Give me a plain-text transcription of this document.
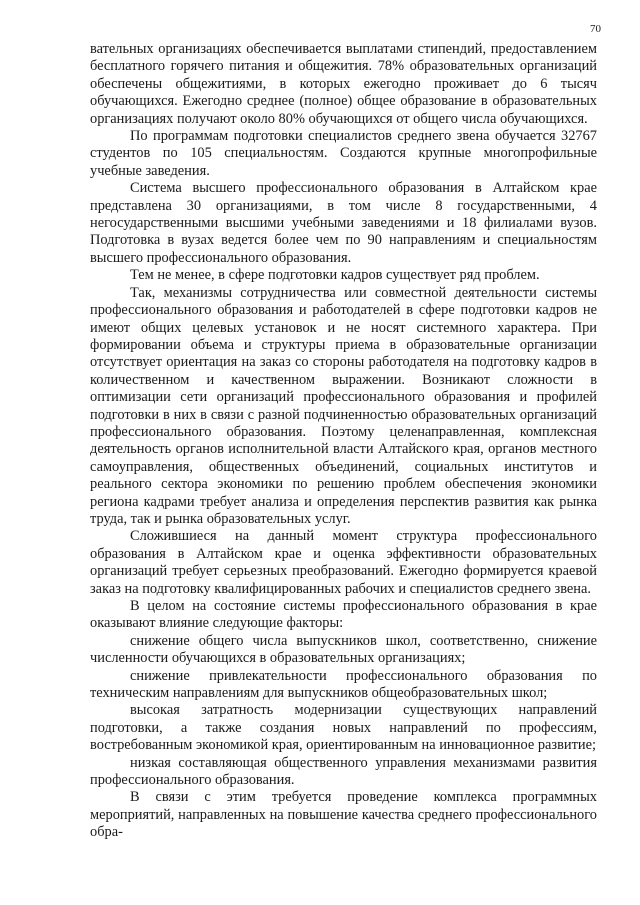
70

вательных организациях обеспечивается выплатами стипендий, предоставлением бесплатного горячего питания и общежития. 78% образовательных организаций обеспечены общежитиями, в которых ежегодно проживает до 6 тысяч обучающихся. Ежегодно среднее (полное) общее образование в образовательных организациях получают около 80% обучающихся от общего числа обучающихся.

По программам подготовки специалистов среднего звена обучается 32767 студентов по 105 специальностям. Создаются крупные многопрофильные учебные заведения.

Система высшего профессионального образования в Алтайском крае представлена 30 организациями, в том числе 8 государственными, 4 негосударственными высшими учебными заведениями и 18 филиалами вузов. Подготовка в вузах ведется более чем по 90 направлениям и специальностям высшего профессионального образования.

Тем не менее, в сфере подготовки кадров существует ряд проблем.

Так, механизмы сотрудничества или совместной деятельности системы профессионального образования и работодателей в сфере подготовки кадров не имеют общих целевых установок и не носят системного характера. При формировании объема и структуры приема в образовательные организации отсутствует ориентация на заказ со стороны работодателя на подготовку кадров в количественном и качественном выражении. Возникают сложности в оптимизации сети организаций профессионального образования и профилей подготовки в них в связи с разной подчиненностью образовательных организаций профессионального образования. Поэтому целенаправленная, комплексная деятельность органов исполнительной власти Алтайского края, органов местного самоуправления, общественных объединений, социальных институтов и реального сектора экономики по решению проблем обеспечения экономики региона кадрами требует анализа и определения перспектив развития как рынка труда, так и рынка образовательных услуг.

Сложившиеся на данный момент структура профессионального образования в Алтайском крае и оценка эффективности образовательных организаций требует серьезных преобразований. Ежегодно формируется краевой заказ на подготовку квалифицированных рабочих и специалистов среднего звена.

В целом на состояние системы профессионального образования в крае оказывают влияние следующие факторы:

снижение общего числа выпускников школ, соответственно, снижение численности обучающихся в образовательных организациях;

снижение привлекательности профессионального образования по техническим направлениям для выпускников общеобразовательных школ;

высокая затратность модернизации существующих направлений подготовки, а также создания новых направлений по профессиям, востребованным экономикой края, ориентированным на инновационное развитие;

низкая составляющая общественного управления механизмами развития профессионального образования.

В связи с этим требуется проведение комплекса программных мероприятий, направленных на повышение качества среднего профессионального обра-
